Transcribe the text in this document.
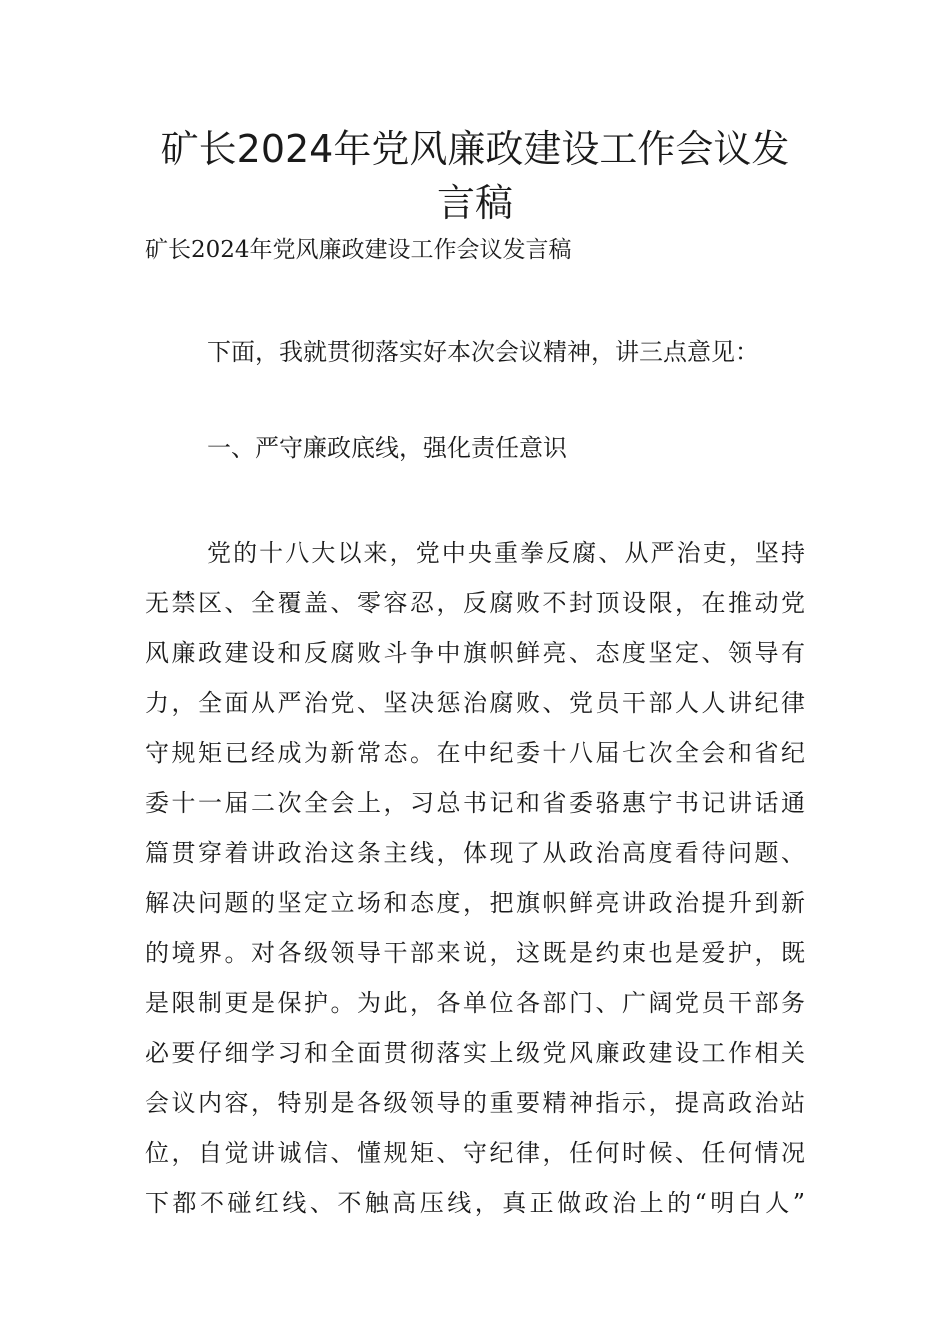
矿长2024年党风廉政建设工作会议发
言稿

矿长2024年党风廉政建设工作会议发言稿

下面，我就贯彻落实好本次会议精神，讲三点意见：

一、严守廉政底线，强化责任意识

党的十八大以来，党中央重拳反腐、从严治吏，坚持

无禁区、全覆盖、零容忍，反腐败不封顶设限，在推动党

风廉政建设和反腐败斗争中旗帜鲜亮、态度坚定、领导有

力，全面从严治党、坚决惩治腐败、党员干部人人讲纪律

守规矩已经成为新常态。在中纪委十八届七次全会和省纪

委十一届二次全会上，习总书记和省委骆惠宁书记讲话通

篇贯穿着讲政治这条主线，体现了从政治高度看待问题、

解决问题的坚定立场和态度，把旗帜鲜亮讲政治提升到新

的境界。对各级领导干部来说，这既是约束也是爱护，既

是限制更是保护。为此，各单位各部门、广阔党员干部务

必要仔细学习和全面贯彻落实上级党风廉政建设工作相关

会议内容，特别是各级领导的重要精神指示，提高政治站

位，自觉讲诚信、懂规矩、守纪律，任何时候、任何情况

下都不碰红线、不触高压线，真正做政治上的“明白人”
